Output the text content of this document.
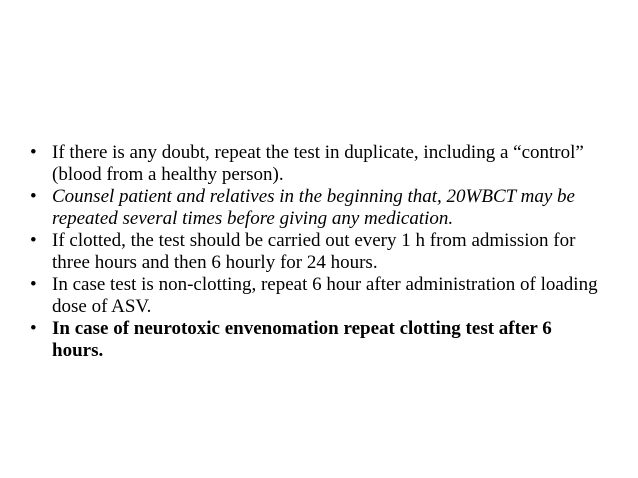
• If there is any doubt, repeat the test in duplicate, including a “control” (blood from a healthy person).
• Counsel patient and relatives in the beginning that, 20WBCT may be repeated several times before giving any medication.
• If clotted, the test should be carried out every 1 h from admission for three hours and then 6 hourly for 24 hours.
• In case test is non-clotting, repeat 6 hour after administration of loading dose of ASV.
• In case of neurotoxic envenomation repeat clotting test after 6 hours.
